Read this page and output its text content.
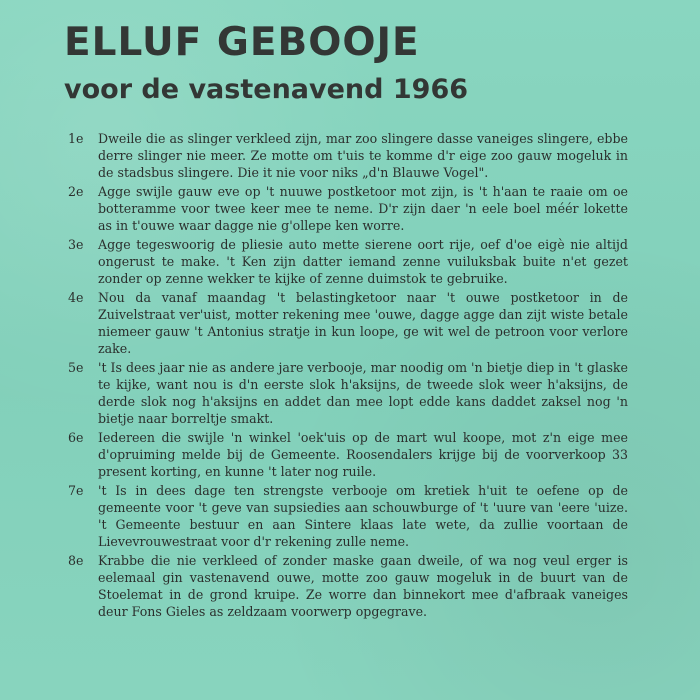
ELLUF GEBOOJE
voor de vastenavend 1966
1e Dweile die as slinger verkleed zijn, mar zoo slingere dasse vaneiges slingere, ebbe derre slinger nie meer. Ze motte om t'uis te komme d'r eige zoo gauw mogeluk in de stadsbus slingere. Die it nie voor niks „d'n Blauwe Vogel".
2e Agge swijle gauw eve op 't nuuwe postketoor mot zijn, is 't h'aan te raaie om oe botteramme voor twee keer mee te neme. D'r zijn daer 'n eele boel méér lokette as in t'ouwe waar dagge nie g'ollepe ken worre.
3e Agge tegeswoorig de pliesie auto mette sierene oort rije, oef d'oe eigè nie altijd ongerust te make. 't Ken zijn datter iemand zenne vuiluksbak buite n'et gezet zonder op zenne wekker te kijke of zenne duimstok te gebruike.
4e Nou da vanaf maandag 't belastingketoor naar 't ouwe postketoor in de Zuivelstraat ver'uist, motter rekening mee 'ouwe, dagge agge dan zijt wiste betale niemeer gauw 't Antonius stratje in kun loope, ge wit wel de petroon voor verlore zake.
5e 't Is dees jaar nie as andere jare verbooje, mar noodig om 'n bietje diep in 't glaske te kijke, want nou is d'n eerste slok h'aksijns, de tweede slok weer h'aksijns, de derde slok nog h'aksijns en addet dan mee lopt edde kans daddet zaksel nog 'n bietje naar borreltje smakt.
6e Iedereen die swijle 'n winkel 'oek'uis op de mart wul koope, mot z'n eige mee d'opruiming melde bij de Gemeente. Roosendalers krijge bij de voorverkoop 33 present korting, en kunne 't later nog ruile.
7e 't Is in dees dage ten strengste verbooje om kretiek h'uit te oefene op de gemeente voor 't geve van supsiedies aan schouwburge of 't 'uure van 'eere 'uize. 't Gemeente bestuur en aan Sintere klaas late wete, da zullie voortaan de Lievevrouwestraat voor d'r rekening zulle neme.
8e Krabbe die nie verkleed of zonder maske gaan dweile, of wa nog veul erger is eelemaal gin vastenavend ouwe, motte zoo gauw mogeluk in de buurt van de Stoelemat in de grond kruipe. Ze worre dan binnekort mee d'afbraak vaneiges deur Fons Gieles as zeldzaam voorwerp opgegrave.
